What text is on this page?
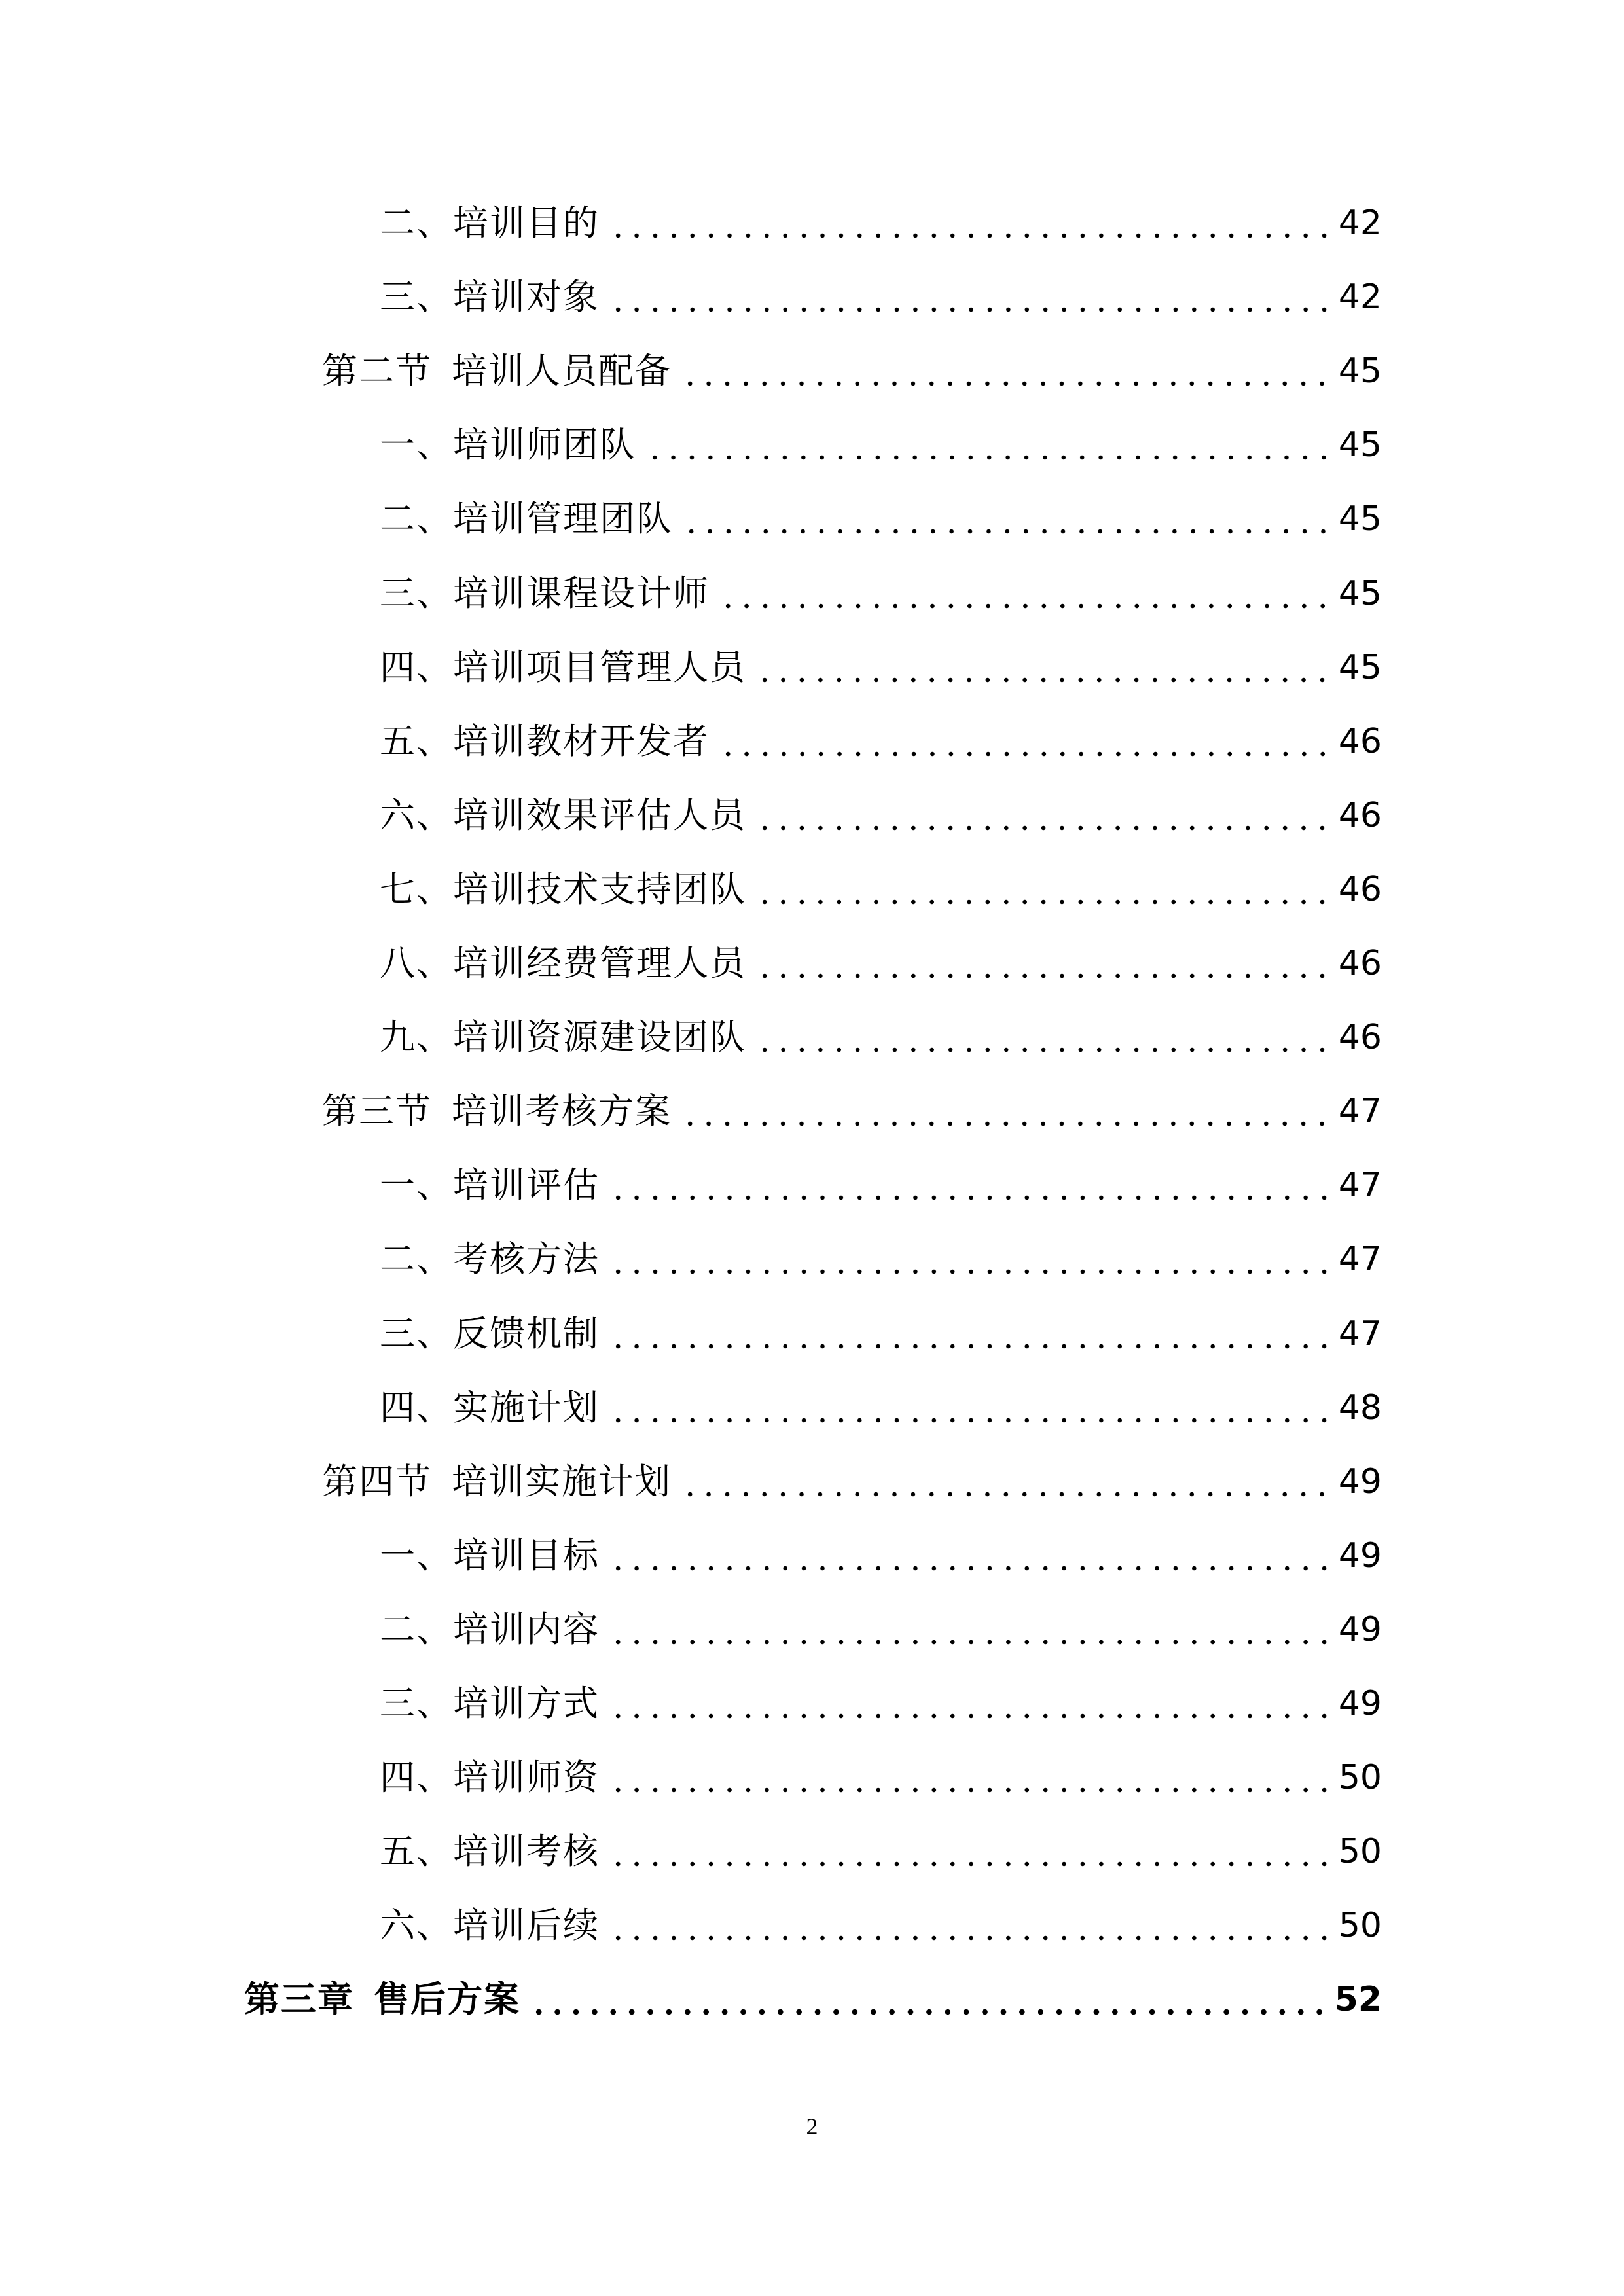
二、培训目的	42
三、培训对象	42
第二节 培训人员配备	45
一、培训师团队	45
二、培训管理团队	45
三、培训课程设计师	45
四、培训项目管理人员	45
五、培训教材开发者	46
六、培训效果评估人员	46
七、培训技术支持团队	46
八、培训经费管理人员	46
九、培训资源建设团队	46
第三节 培训考核方案	47
一、培训评估	47
二、考核方法	47
三、反馈机制	47
四、实施计划	48
第四节 培训实施计划	49
一、培训目标	49
二、培训内容	49
三、培训方式	49
四、培训师资	50
五、培训考核	50
六、培训后续	50
第三章 售后方案	52
2
